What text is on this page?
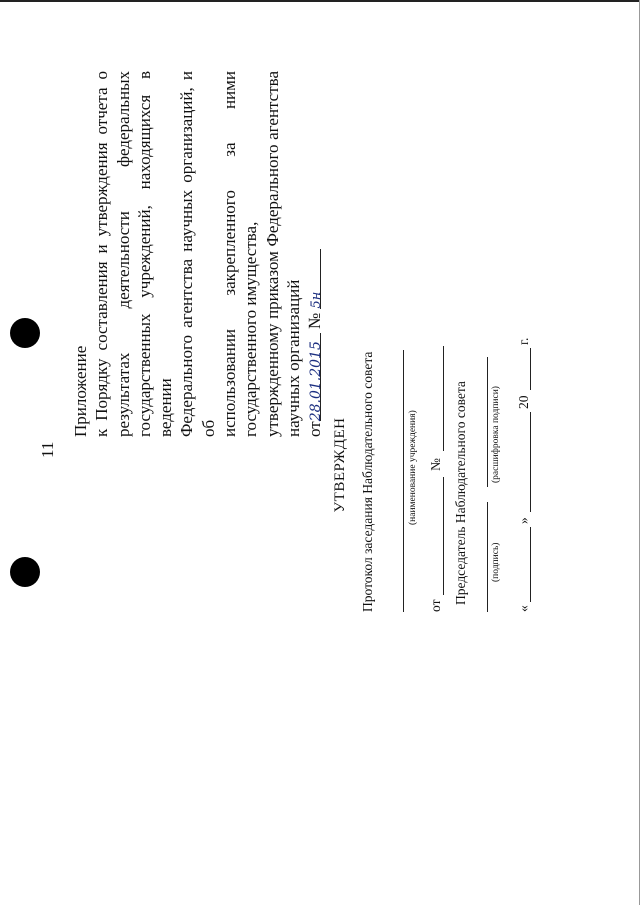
11
Приложение к Порядку составления и утверждения отчета о результатах деятельности федеральных государственных учреждений, находящихся в ведении Федерального агентства научных организаций, и об использовании закрепленного за ними государственного имущества, утвержденному приказом Федерального агентства научных организаций от28.01.2015 № 5н
УТВЕРЖДЕН Протокол заседания Наблюдательного совета	(наименование учреждения)
от
№ Председатель Наблюдательного совета (подпись)
(расшифровка подписи)
«
»
20
г.
